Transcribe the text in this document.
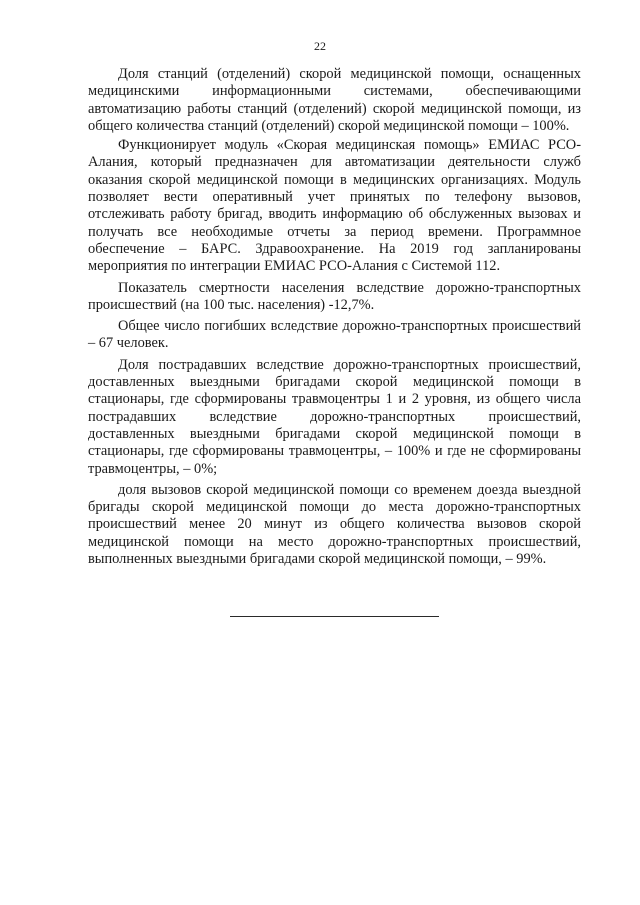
22

Доля станций (отделений) скорой медицинской помощи, оснащенных медицинскими информационными системами, обеспечивающими автоматизацию работы станций (отделений) скорой медицинской помощи, из общего количества станций (отделений) скорой медицинской помощи – 100%.

Функционирует модуль «Скорая медицинская помощь» ЕМИАС РСО-Алания, который предназначен для автоматизации деятельности служб оказания скорой медицинской помощи в медицинских организациях. Модуль позволяет вести оперативный учет принятых по телефону вызовов, отслеживать работу бригад, вводить информацию об обслуженных вызовах и получать все необходимые отчеты за период времени. Программное обеспечение – БАРС. Здравоохранение. На 2019 год запланированы мероприятия по интеграции ЕМИАС РСО-Алания с Системой 112.

Показатель смертности населения вследствие дорожно-транспортных происшествий (на 100 тыс. населения) -12,7%.

Общее число погибших вследствие дорожно-транспортных происшествий – 67 человек.

Доля пострадавших вследствие дорожно-транспортных происшествий, доставленных выездными бригадами скорой медицинской помощи в стационары, где сформированы травмоцентры 1 и 2 уровня, из общего числа пострадавших вследствие дорожно-транспортных происшествий, доставленных выездными бригадами скорой медицинской помощи в стационары, где сформированы травмоцентры, – 100% и где не сформированы травмоцентры, – 0%;

доля вызовов скорой медицинской помощи со временем доезда выездной бригады скорой медицинской помощи до места дорожно-транспортных происшествий менее 20 минут из общего количества вызовов скорой медицинской помощи на место дорожно-транспортных происшествий, выполненных выездными бригадами скорой медицинской помощи, – 99%.
